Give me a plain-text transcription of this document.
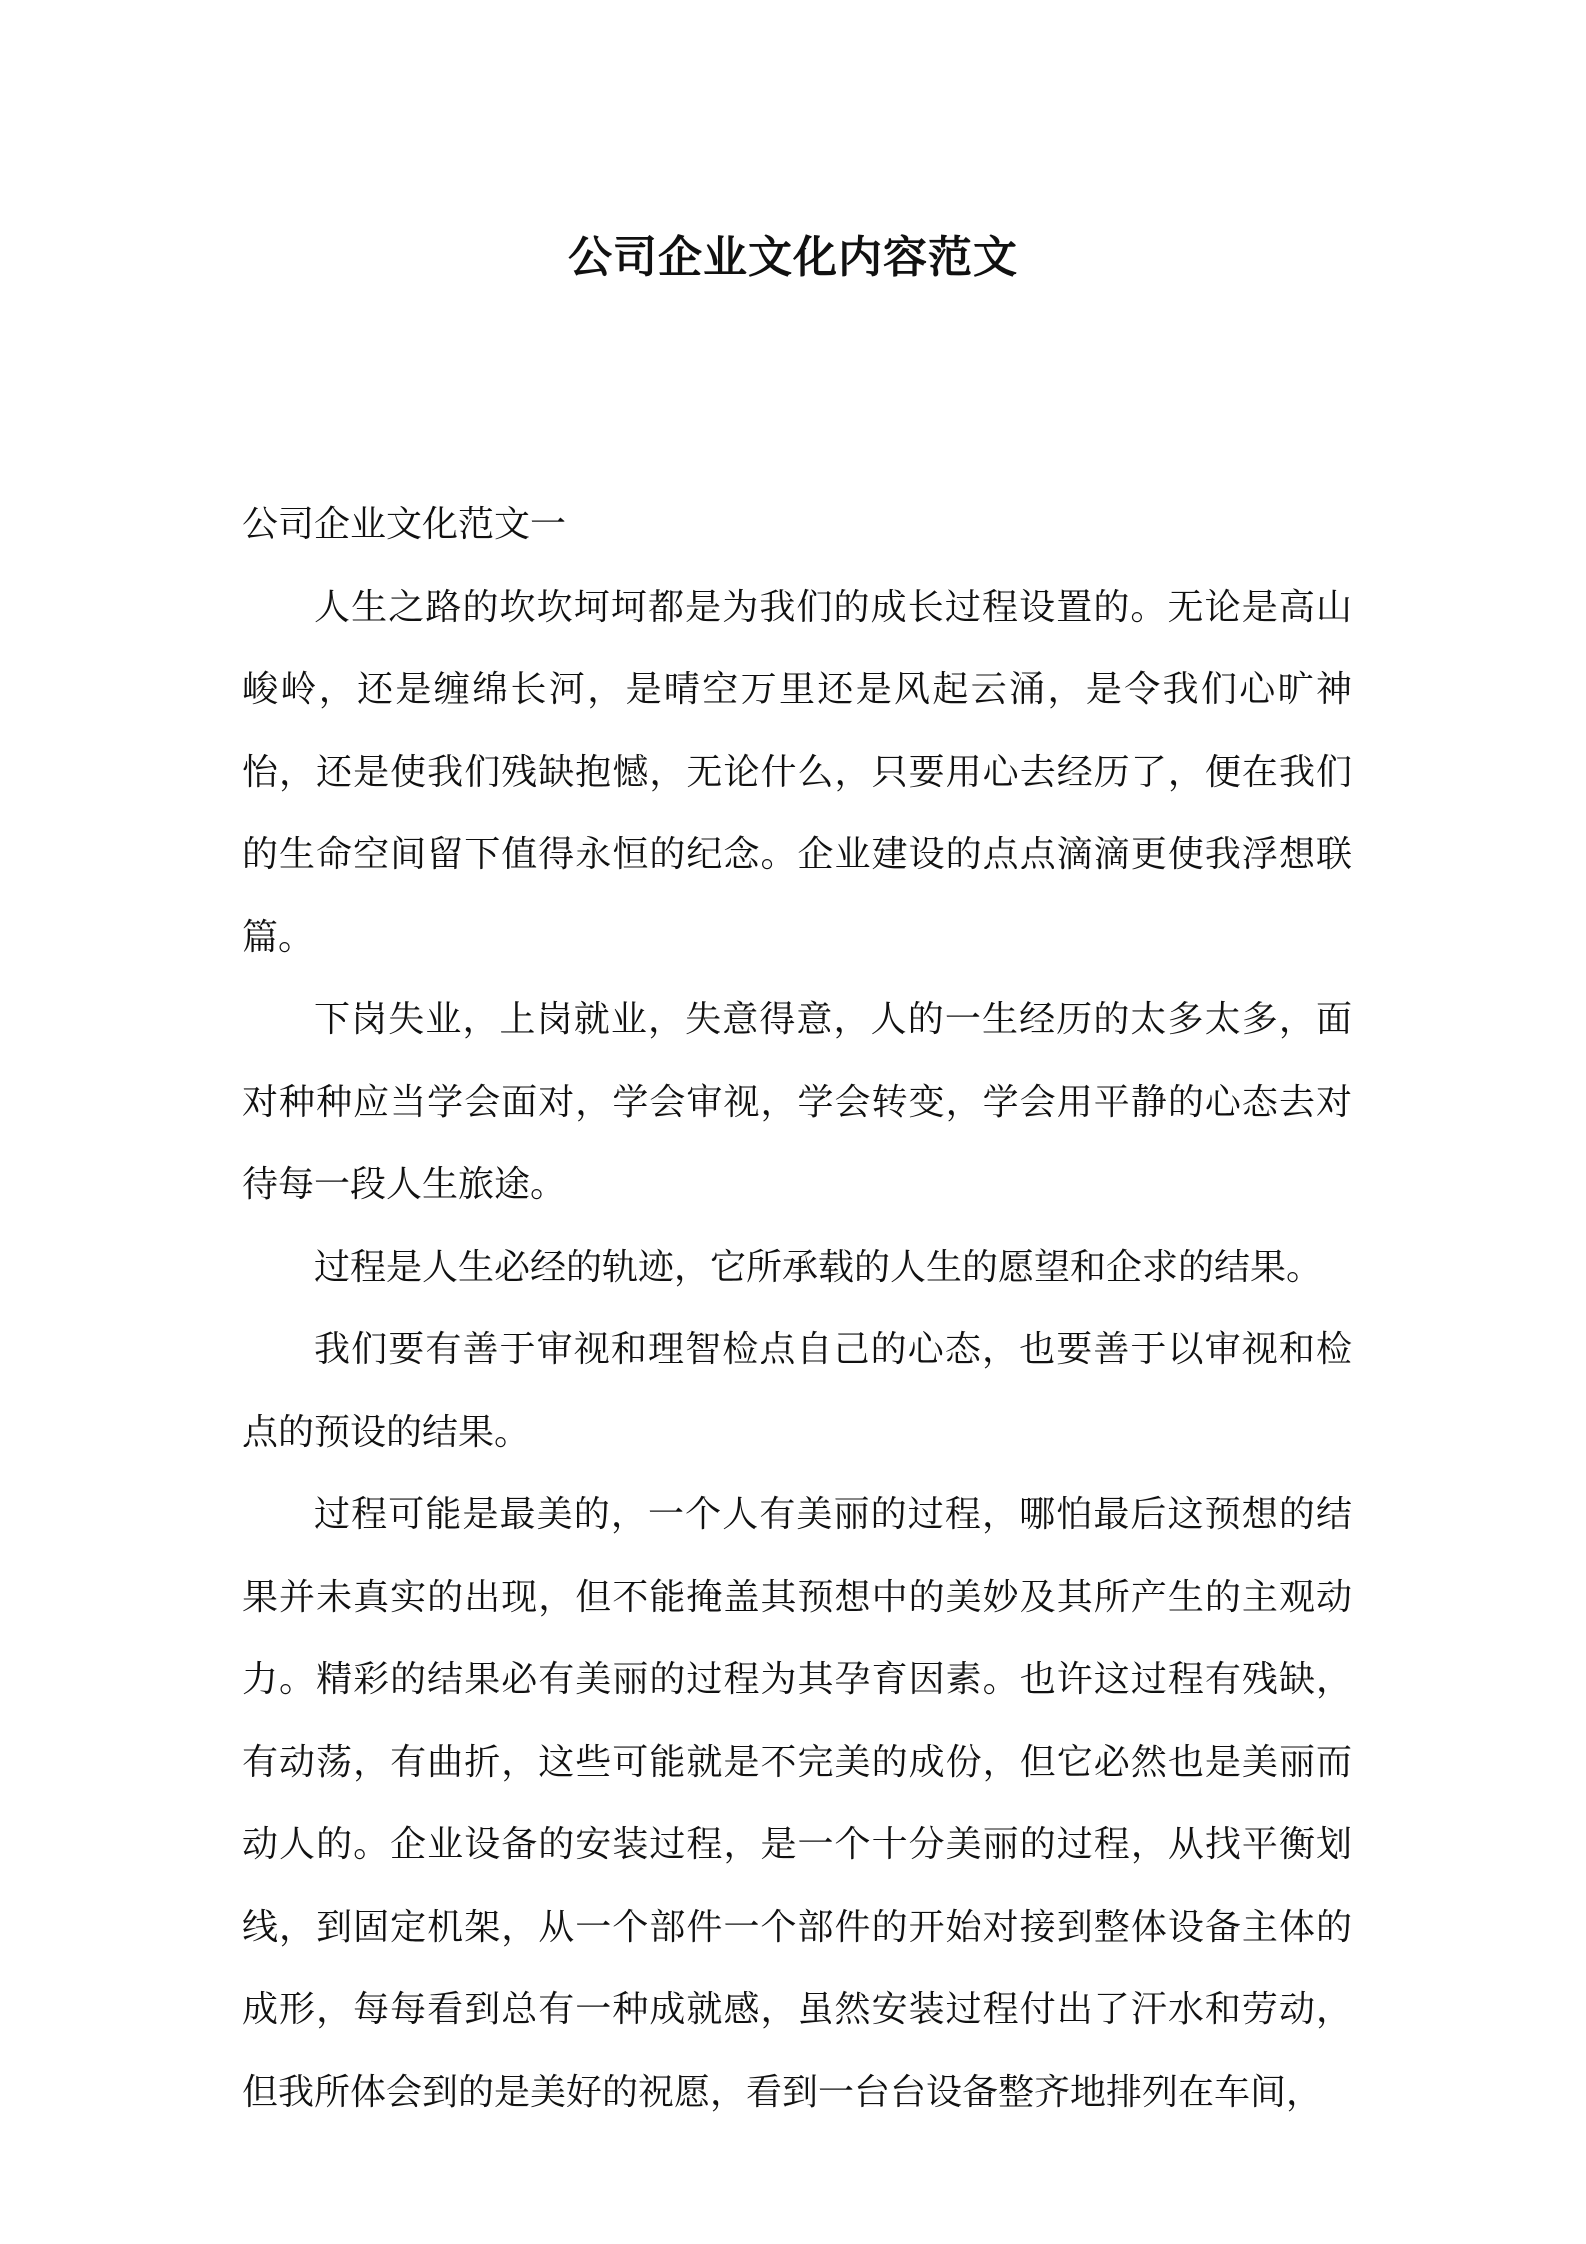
公司企业文化内容范文
公司企业文化范文一

人生之路的坎坎坷坷都是为我们的成长过程设置的。无论是高山峻岭，还是缠绵长河，是晴空万里还是风起云涌，是令我们心旷神怡，还是使我们残缺抱憾，无论什么，只要用心去经历了，便在我们的生命空间留下值得永恒的纪念。企业建设的点点滴滴更使我浮想联篇。

下岗失业，上岗就业，失意得意，人的一生经历的太多太多，面对种种应当学会面对，学会审视，学会转变，学会用平静的心态去对待每一段人生旅途。

过程是人生必经的轨迹，它所承载的人生的愿望和企求的结果。

我们要有善于审视和理智检点自己的心态，也要善于以审视和检点的预设的结果。

过程可能是最美的，一个人有美丽的过程，哪怕最后这预想的结果并未真实的出现，但不能掩盖其预想中的美妙及其所产生的主观动力。精彩的结果必有美丽的过程为其孕育因素。也许这过程有残缺，有动荡，有曲折，这些可能就是不完美的成份，但它必然也是美丽而动人的。企业设备的安装过程，是一个十分美丽的过程，从找平衡划线，到固定机架，从一个部件一个部件的开始对接到整体设备主体的成形，每每看到总有一种成就感，虽然安装过程付出了汗水和劳动，但我所体会到的是美好的祝愿，看到一台台设备整齐地排列在车间，
